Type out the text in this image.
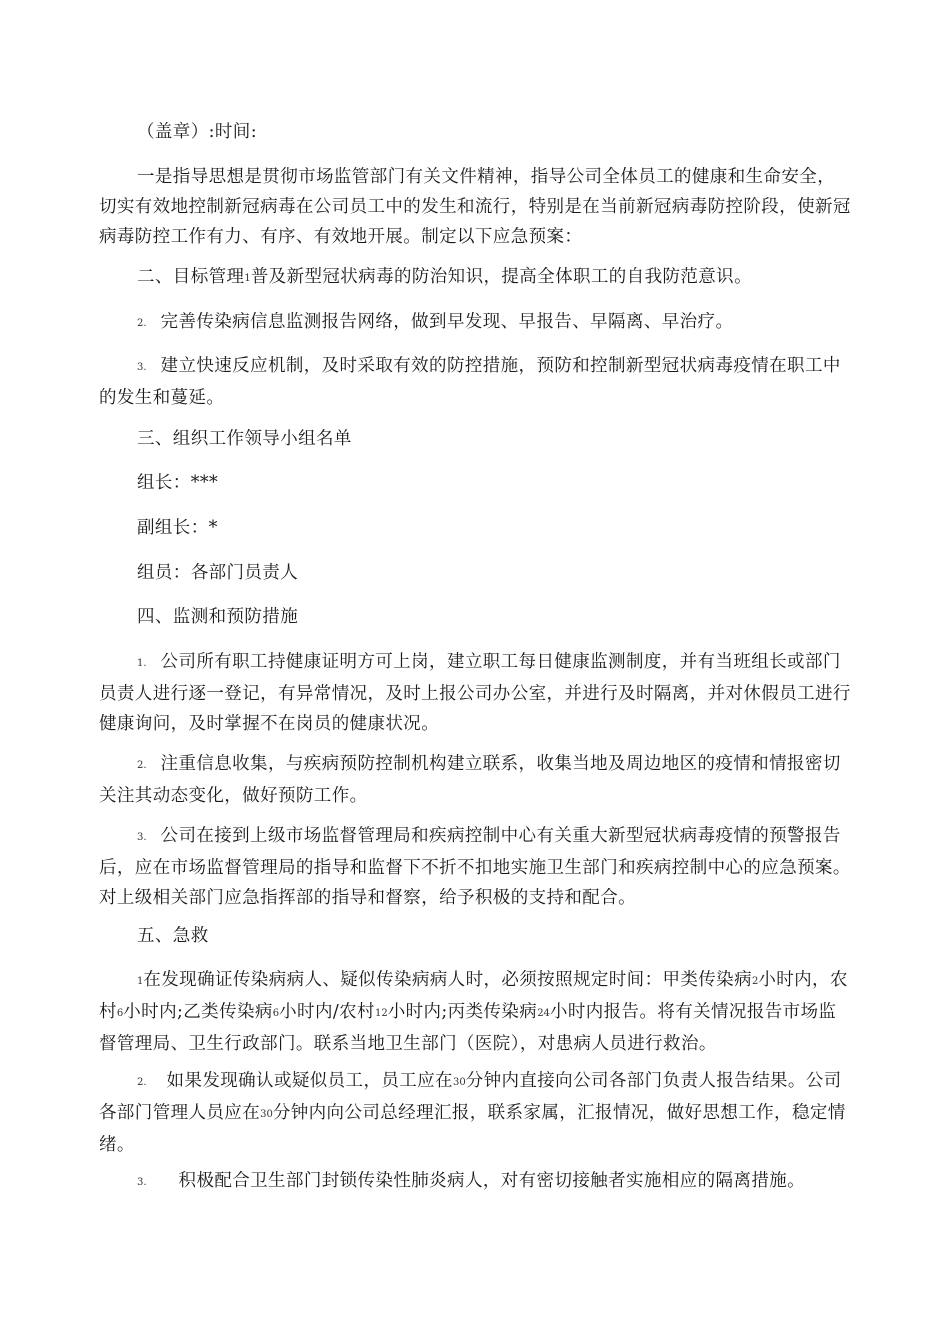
（盖章）:时间:

一是指导思想是贯彻市场监管部门有关文件精神，指导公司全体员工的健康和生命安全，切实有效地控制新冠病毒在公司员工中的发生和流行，特别是在当前新冠病毒防控阶段，使新冠病毒防控工作有力、有序、有效地开展。制定以下应急预案：

二、目标管理1普及新型冠状病毒的防治知识，提高全体职工的自我防范意识。

2. 完善传染病信息监测报告网络，做到早发现、早报告、早隔离、早治疗。

3. 建立快速反应机制，及时采取有效的防控措施，预防和控制新型冠状病毒疫情在职工中的发生和蔓延。

三、组织工作领导小组名单

组长：***

副组长：*

组员：各部门员责人

四、监测和预防措施

1. 公司所有职工持健康证明方可上岗，建立职工每日健康监测制度，并有当班组长或部门员责人进行逐一登记，有异常情况，及时上报公司办公室，并进行及时隔离，并对休假员工进行健康询问，及时掌握不在岗员的健康状况。

2. 注重信息收集，与疾病预防控制机构建立联系，收集当地及周边地区的疫情和情报密切关注其动态变化，做好预防工作。

3. 公司在接到上级市场监督管理局和疾病控制中心有关重大新型冠状病毒疫情的预警报告后，应在市场监督管理局的指导和监督下不折不扣地实施卫生部门和疾病控制中心的应急预案。对上级相关部门应急指挥部的指导和督察，给予积极的支持和配合。

五、急救

1在发现确证传染病病人、疑似传染病病人时，必须按照规定时间：甲类传染病2小时内，农村6小时内;乙类传染病6小时内/农村12小时内;丙类传染病24小时内报告。将有关情况报告市场监督管理局、卫生行政部门。联系当地卫生部门（医院），对患病人员进行救治。

2. 如果发现确认或疑似员工，员工应在30分钟内直接向公司各部门负责人报告结果。公司各部门管理人员应在30分钟内向公司总经理汇报，联系家属，汇报情况，做好思想工作，稳定情绪。

3. 积极配合卫生部门封锁传染性肺炎病人，对有密切接触者实施相应的隔离措施。
